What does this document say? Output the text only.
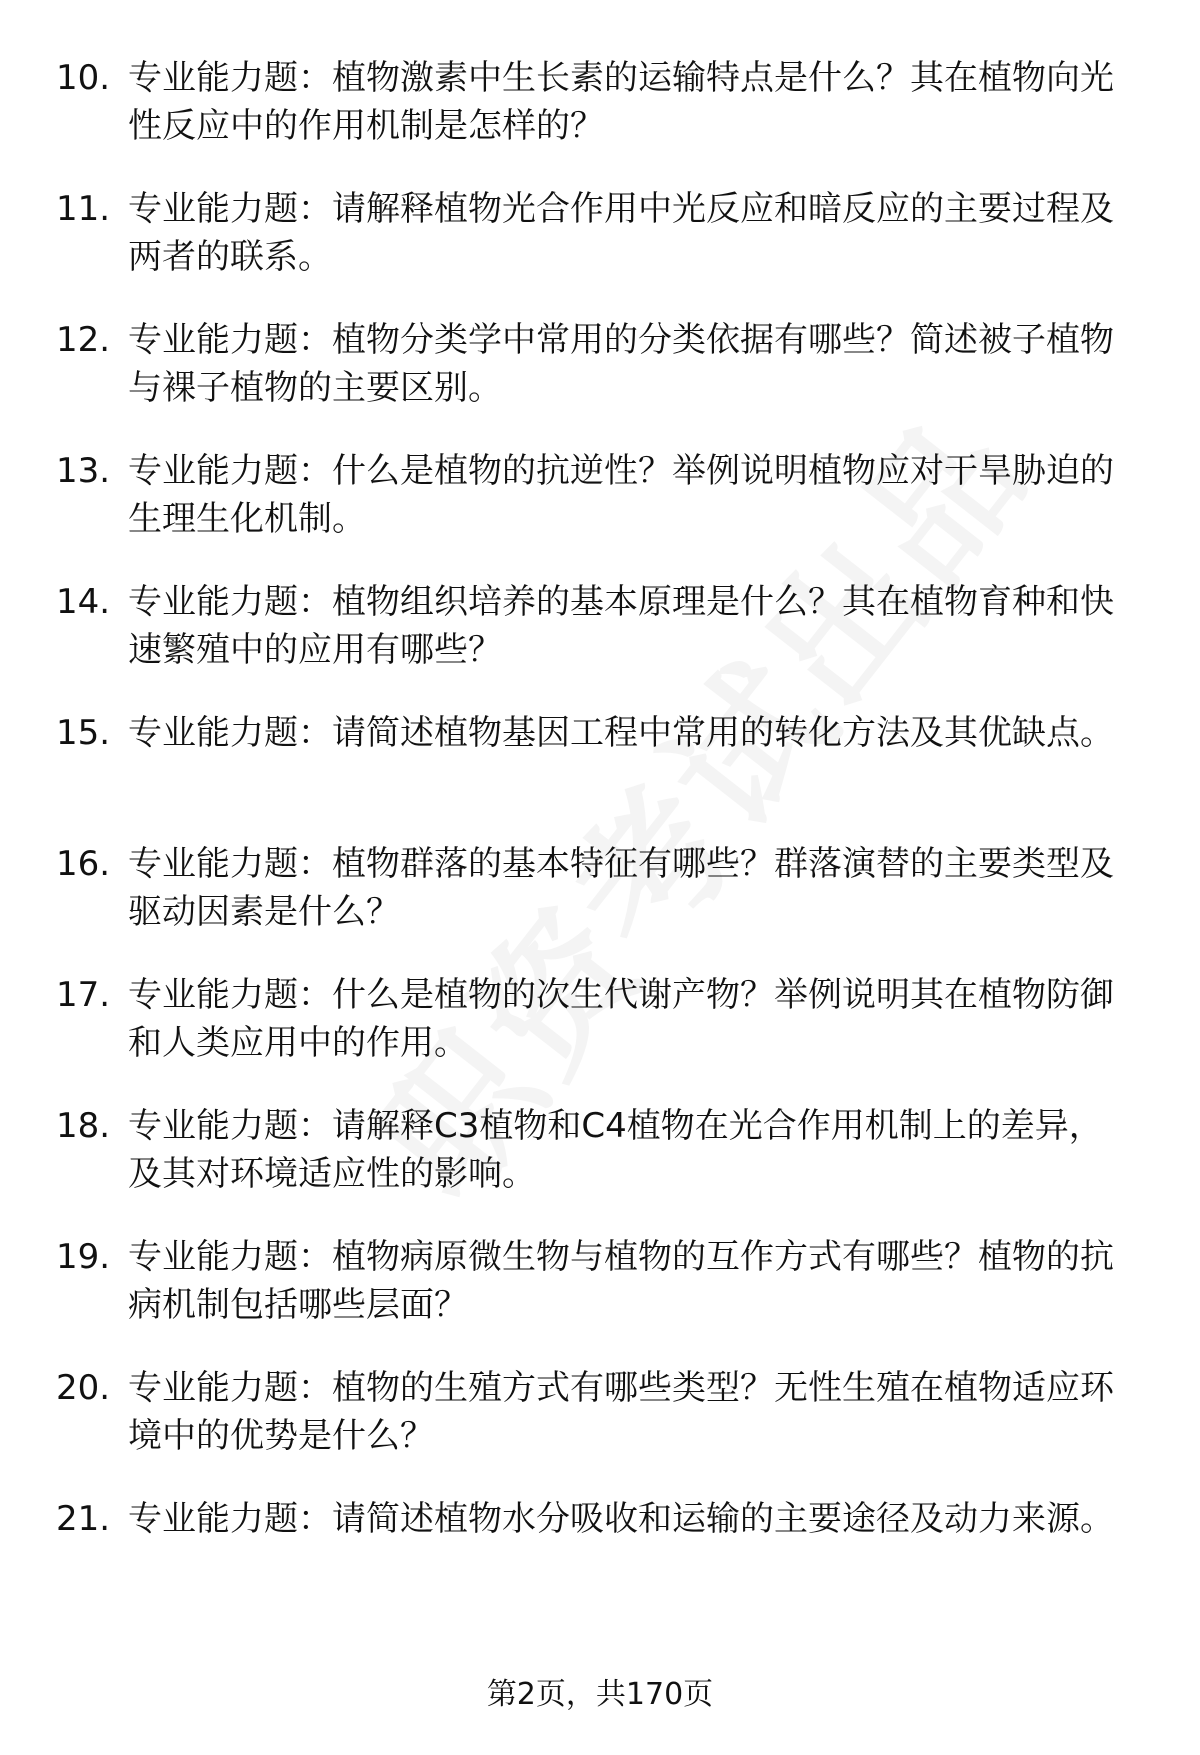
10. 专业能力题：植物激素中生长素的运输特点是什么？其在植物向光性反应中的作用机制是怎样的？
11. 专业能力题：请解释植物光合作用中光反应和暗反应的主要过程及两者的联系。
12. 专业能力题：植物分类学中常用的分类依据有哪些？简述被子植物与裸子植物的主要区别。
13. 专业能力题：什么是植物的抗逆性？举例说明植物应对干旱胁迫的生理生化机制。
14. 专业能力题：植物组织培养的基本原理是什么？其在植物育种和快速繁殖中的应用有哪些？
15. 专业能力题：请简述植物基因工程中常用的转化方法及其优缺点。
16. 专业能力题：植物群落的基本特征有哪些？群落演替的主要类型及驱动因素是什么？
17. 专业能力题：什么是植物的次生代谢产物？举例说明其在植物防御和人类应用中的作用。
18. 专业能力题：请解释C3植物和C4植物在光合作用机制上的差异，及其对环境适应性的影响。
19. 专业能力题：植物病原微生物与植物的互作方式有哪些？植物的抗病机制包括哪些层面？
20. 专业能力题：植物的生殖方式有哪些类型？无性生殖在植物适应环境中的优势是什么？
21. 专业能力题：请简述植物水分吸收和运输的主要途径及动力来源。
第2页，共170页
